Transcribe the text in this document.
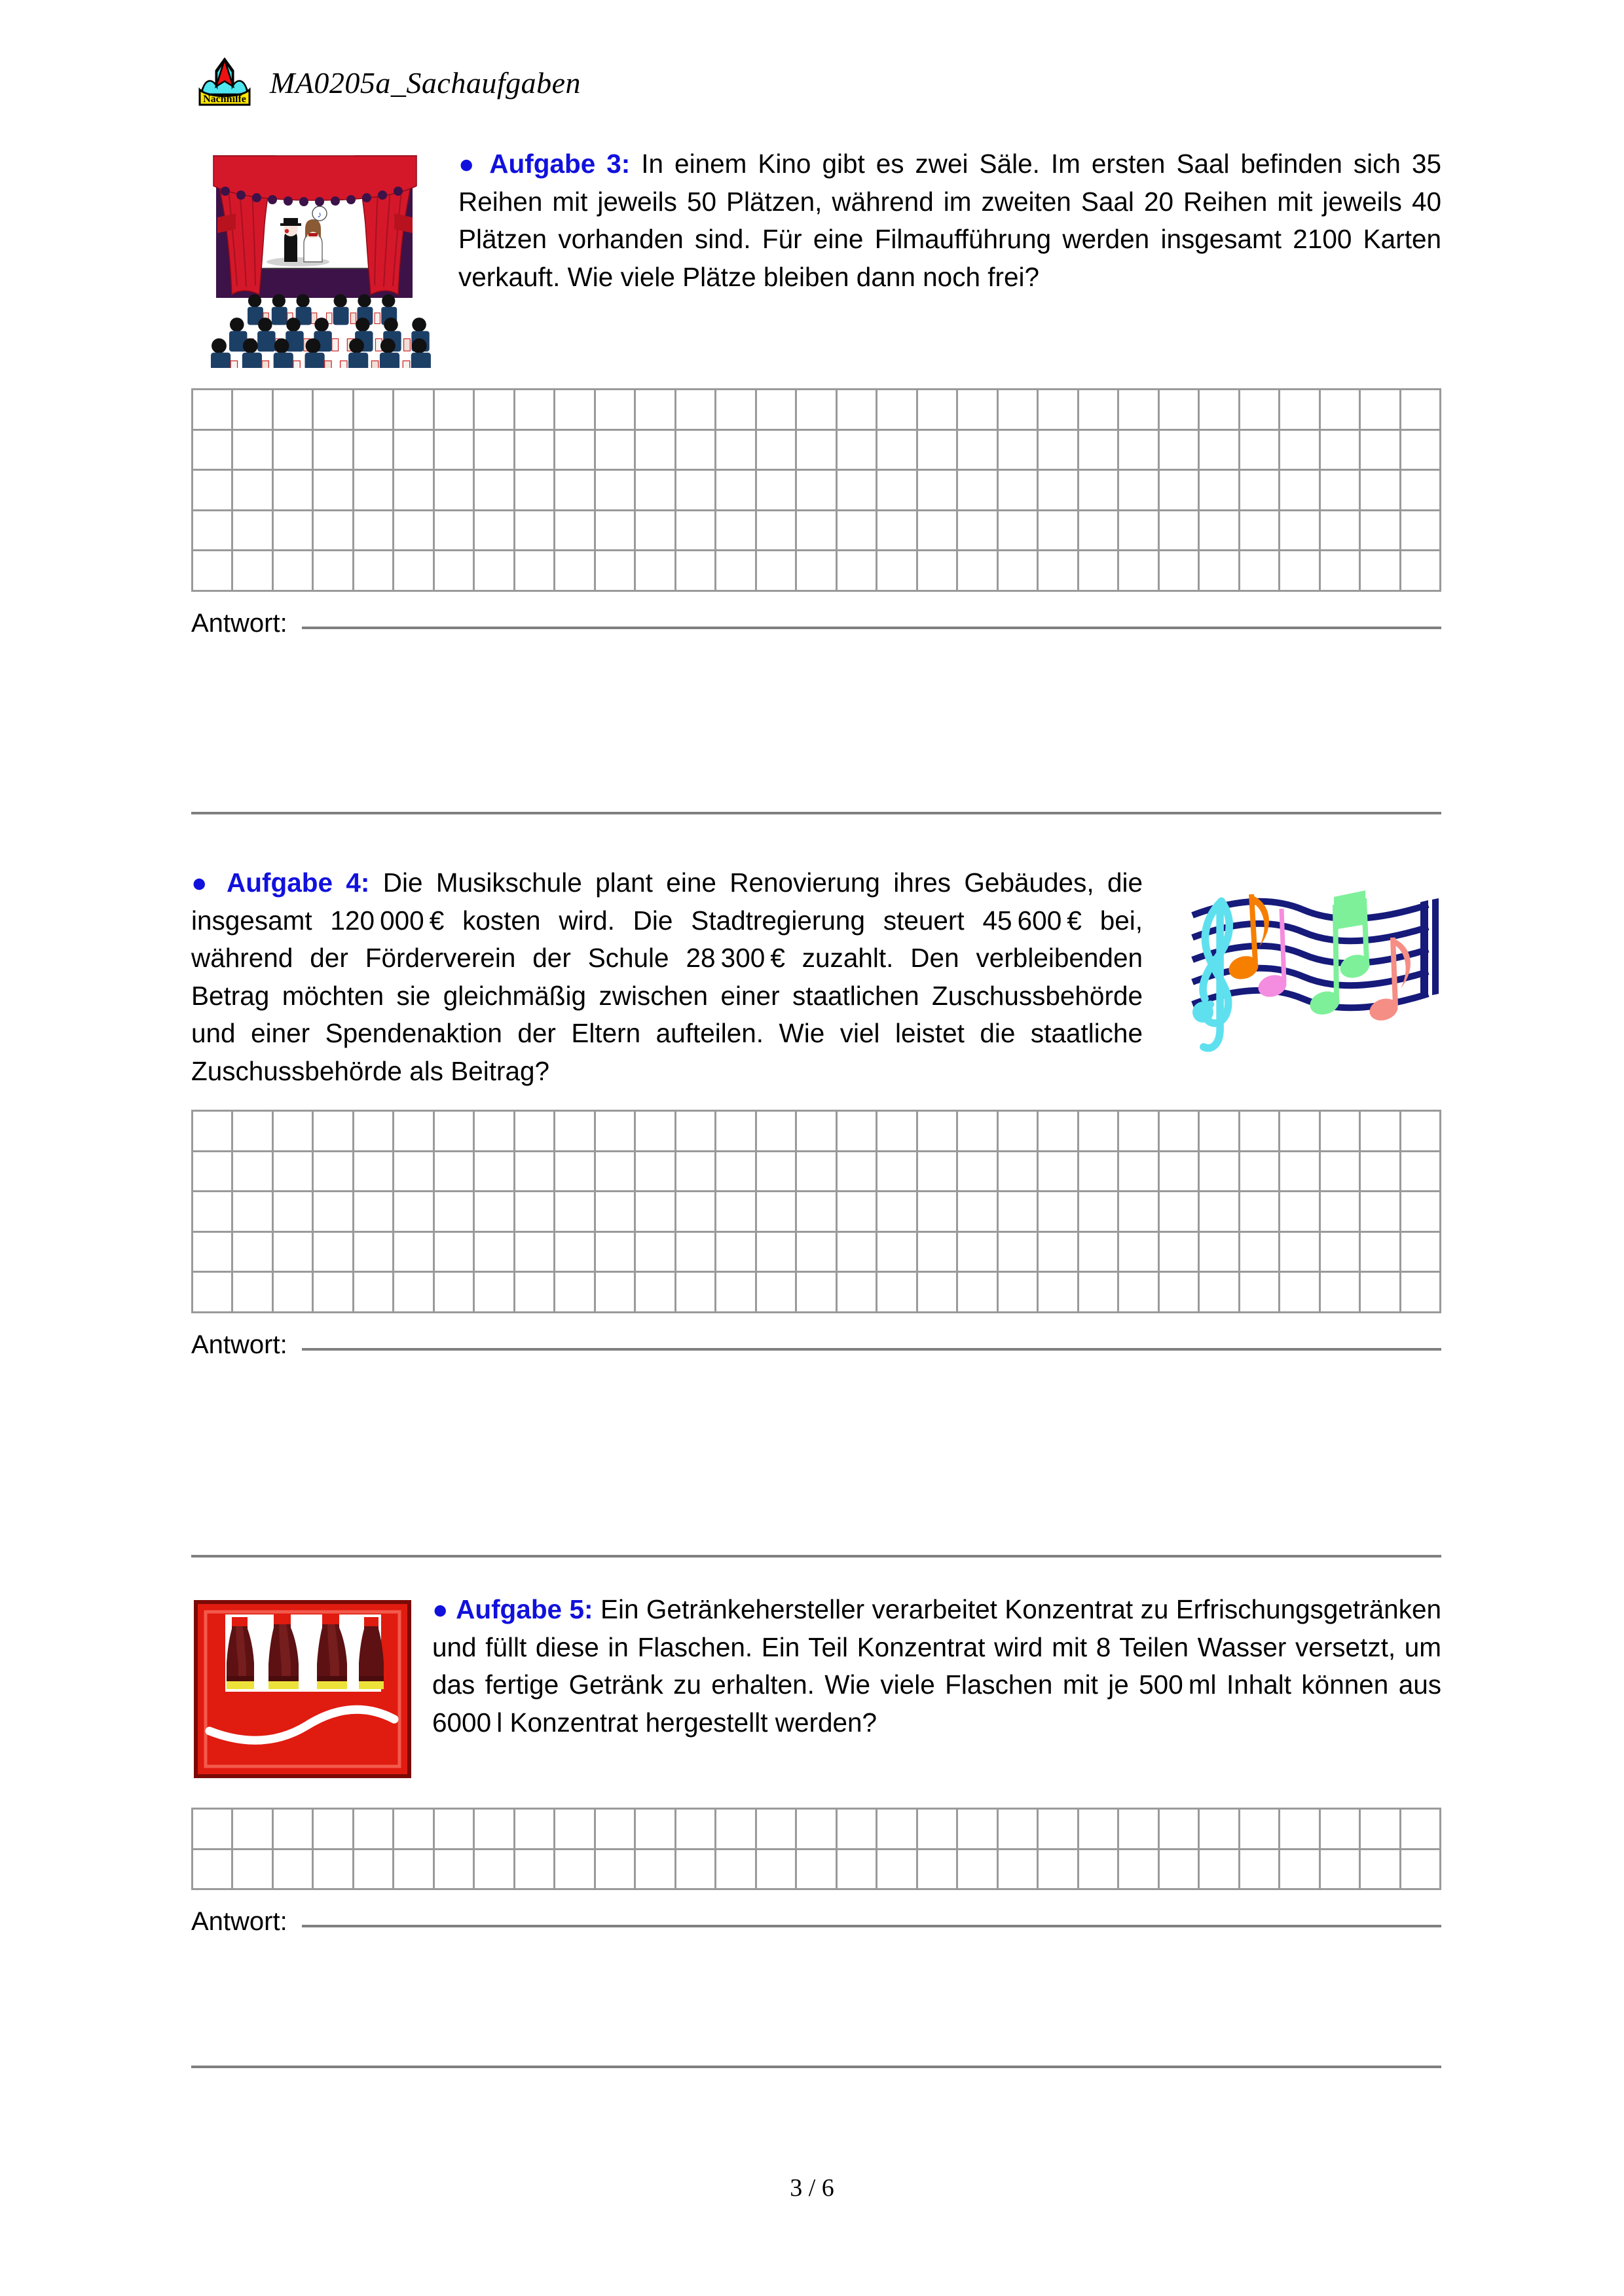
Nachhilfe MA0205a_Sachaufgaben
♪
● Aufgabe 3: In einem Kino gibt es zwei Säle. Im ersten Saal befinden sich 35 Reihen mit jeweils 50 Plätzen, während im zweiten Saal 20 Reihen mit jeweils 40 Plätzen vorhanden sind. Für eine Filmaufführung werden insgesamt 2100 Karten verkauft. Wie viele Plätze bleiben dann noch frei?
Antwort:
● Aufgabe 4: Die Musikschule plant eine Renovierung ihres Gebäudes, die insgesamt 120 000 € kosten wird. Die Stadtregierung steuert 45 600 € bei, während der Förderverein der Schule 28 300 € zuzahlt. Den verbleibenden Betrag möchten sie gleichmäßig zwischen einer staatlichen Zuschussbehörde und einer Spendenaktion der Eltern aufteilen. Wie viel leistet die staatliche Zuschussbehörde als Beitrag?
Antwort:
● Aufgabe 5: Ein Getränkehersteller verarbeitet Konzentrat zu Erfrischungsgetränken und füllt diese in Flaschen. Ein Teil Konzentrat wird mit 8 Teilen Wasser versetzt, um das fertige Getränk zu erhalten. Wie viele Flaschen mit je 500 ml Inhalt können aus 6000 l Konzentrat hergestellt werden?
Antwort:
3 / 6
